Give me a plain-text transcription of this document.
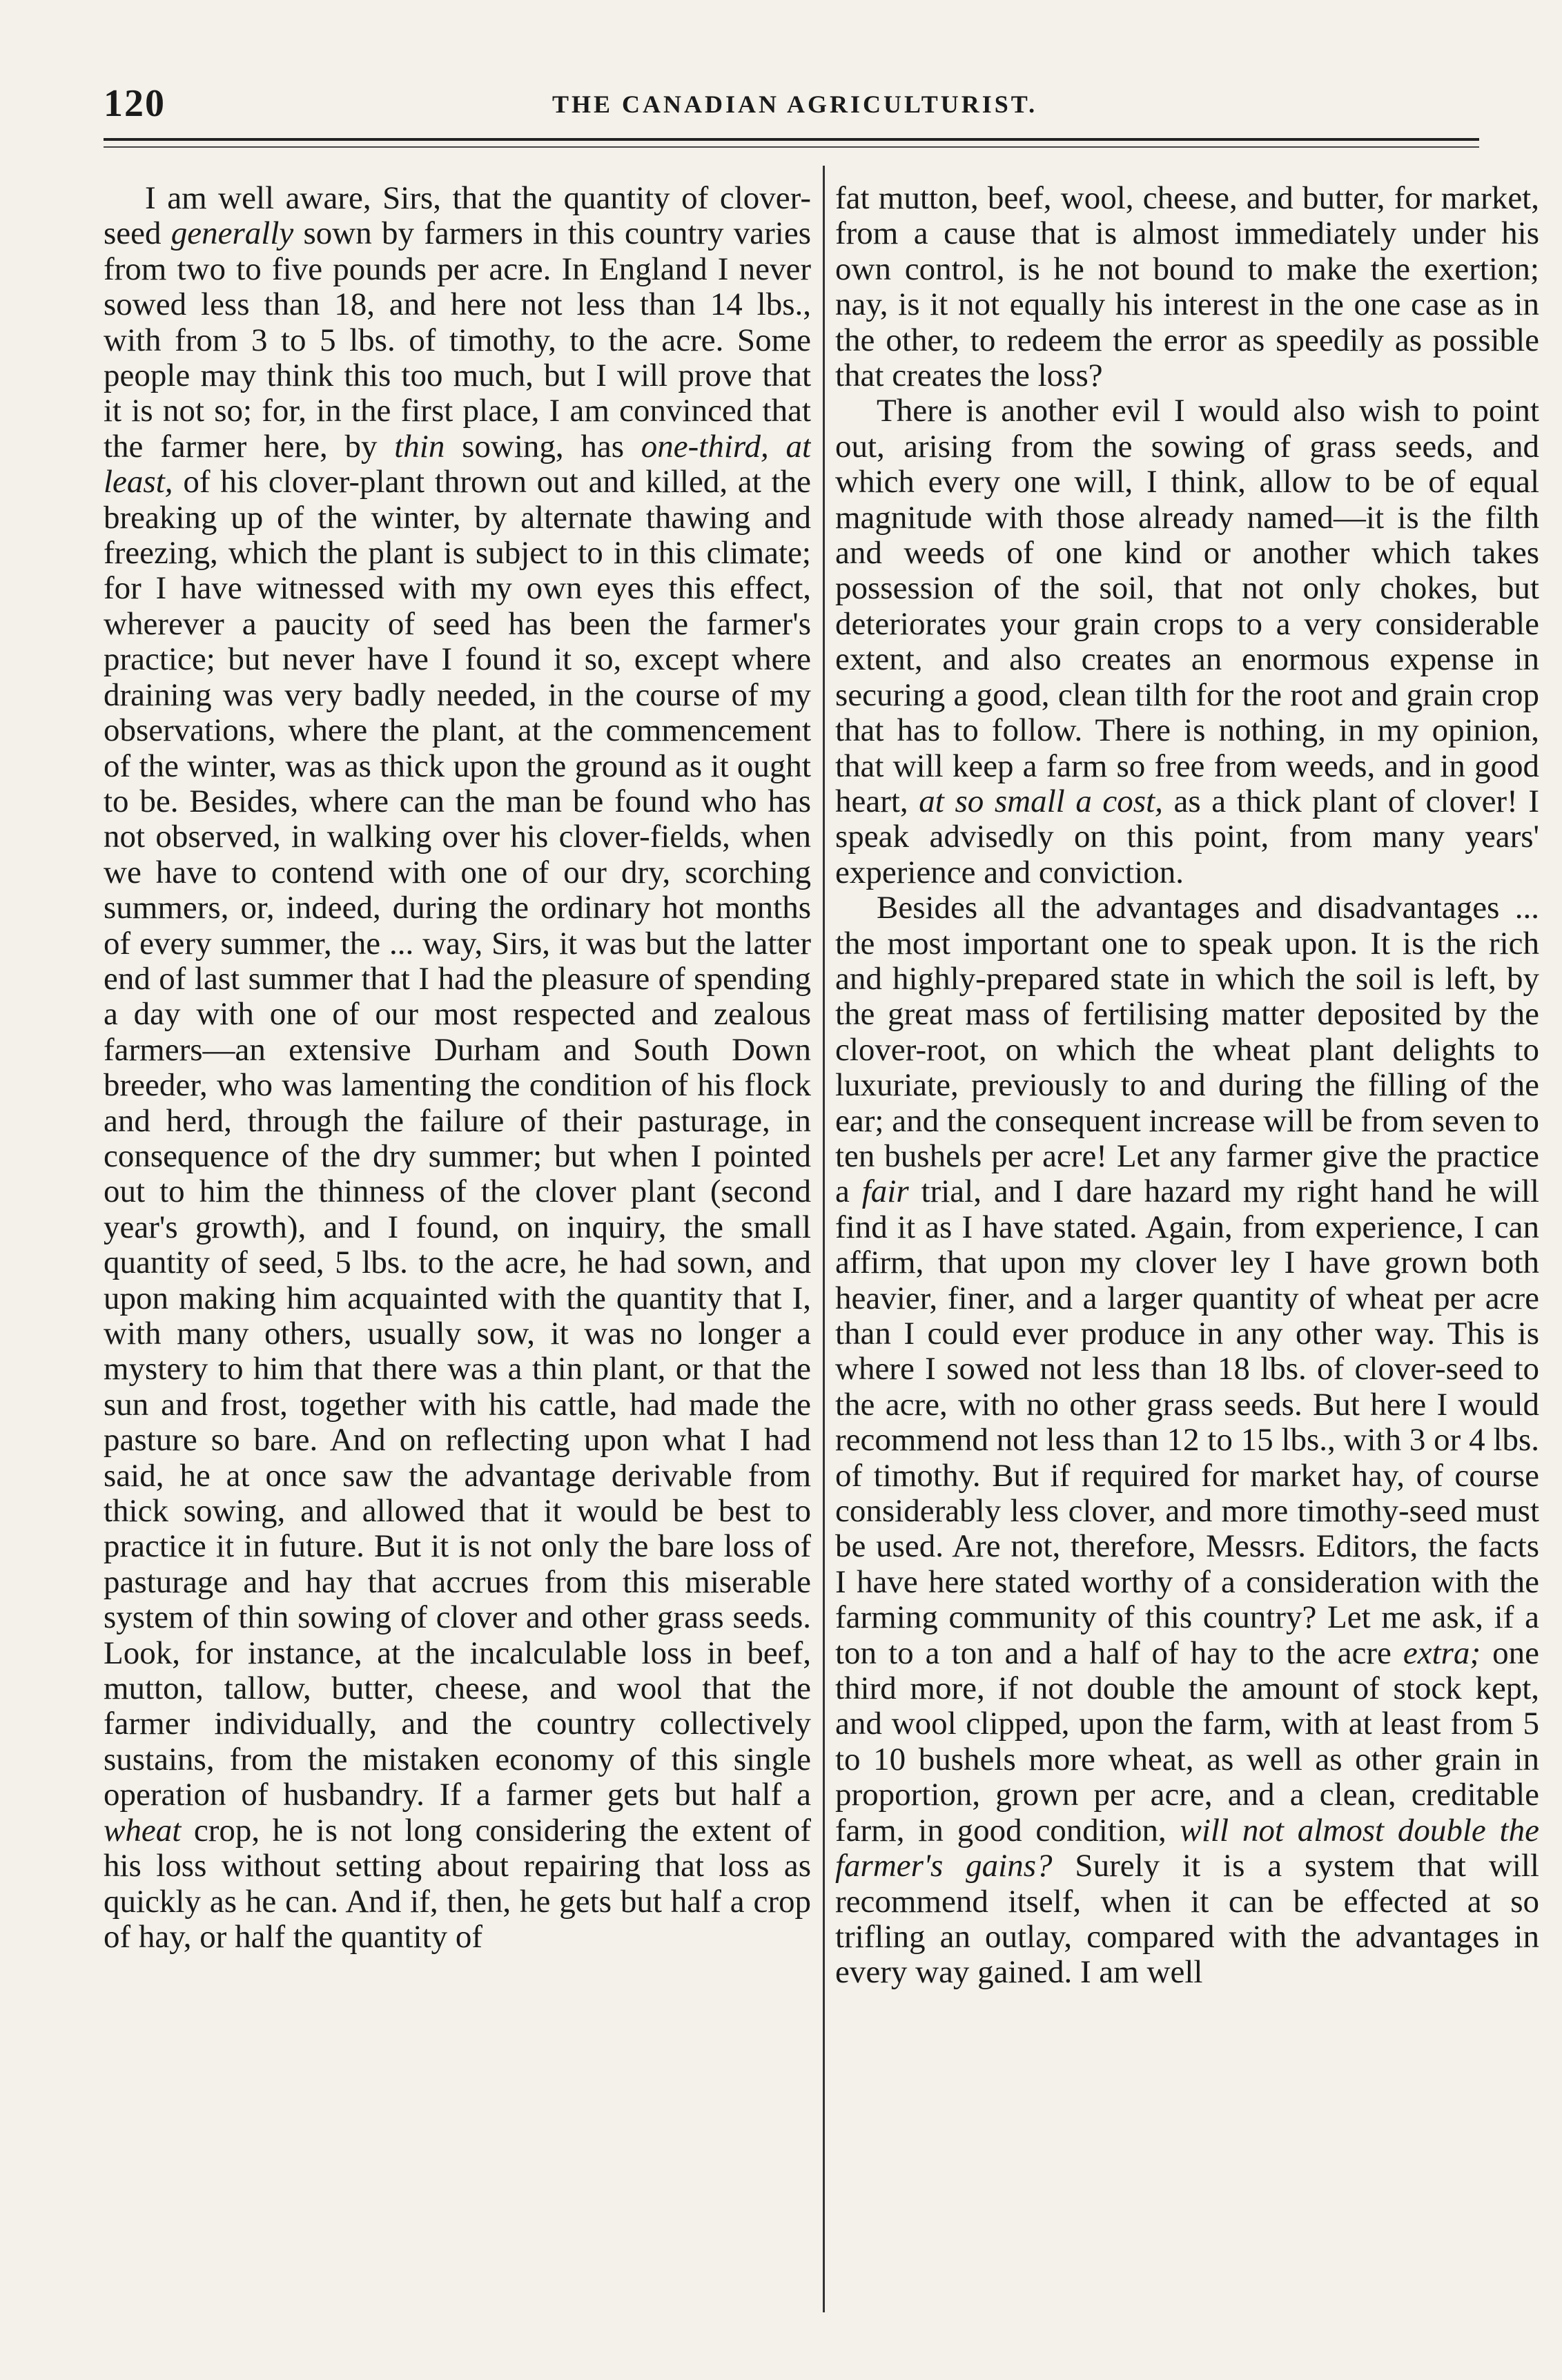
120	THE CANADIAN AGRICULTURIST.

I am well aware, Sirs, that the quantity of clover-seed generally sown by farmers in this country varies from two to five pounds per acre. In England I never sowed less than 18, and here not less than 14 lbs., with from 3 to 5 lbs. of timothy, to the acre. Some people may think this too much, but I will prove that it is not so; for, in the first place, I am convinced that the farmer here, by thin sowing, has one-third, at least, of his clover-plant thrown out and killed, at the breaking up of the winter, by alternate thawing and freezing, which the plant is subject to in this climate; for I have witnessed with my own eyes this effect, wherever a paucity of seed has been the farmer's practice; but never have I found it so, except where draining was very badly needed, in the course of my observations, where the plant, at the commencement of the winter, was as thick upon the ground as it ought to be. Besides, where can the man be found who has not observed, in walking over his clover-fields, when we have to contend with one of our dry, scorching summers, or, indeed, during the ordinary hot months of every summer, the ... way, Sirs, it was but the latter end of last summer that I had the pleasure of spending a day with one of our most respected and zealous farmers—an extensive Durham and South Down breeder, who was lamenting the condition of his flock and herd, through the failure of their pasturage, in consequence of the dry summer; but when I pointed out to him the thinness of the clover plant (second year's growth), and I found, on inquiry, the small quantity of seed, 5 lbs. to the acre, he had sown, and upon making him acquainted with the quantity that I, with many others, usually sow, it was no longer a mystery to him that there was a thin plant, or that the sun and frost, together with his cattle, had made the pasture so bare. And on reflecting upon what I had said, he at once saw the advantage derivable from thick sowing, and allowed that it would be best to practice it in future. But it is not only the bare loss of pasturage and hay that accrues from this miserable system of thin sowing of clover and other grass seeds. Look, for instance, at the incalculable loss in beef, mutton, tallow, butter, cheese, and wool that the farmer individually, and the country collectively sustains, from the mistaken economy of this single operation of husbandry. If a farmer gets but half a wheat crop, he is not long considering the extent of his loss without setting about repairing that loss as quickly as he can. And if, then, he gets but half a crop of hay, or half the quantity of

fat mutton, beef, wool, cheese, and butter, for market, from a cause that is almost immediately under his own control, is he not bound to make the exertion; nay, is it not equally his interest in the one case as in the other, to redeem the error as speedily as possible that creates the loss?

There is another evil I would also wish to point out, arising from the sowing of grass seeds, and which every one will, I think, allow to be of equal magnitude with those already named—it is the filth and weeds of one kind or another which takes possession of the soil, that not only chokes, but deteriorates your grain crops to a very considerable extent, and also creates an enormous expense in securing a good, clean tilth for the root and grain crop that has to follow. There is nothing, in my opinion, that will keep a farm so free from weeds, and in good heart, at so small a cost, as a thick plant of clover! I speak advisedly on this point, from many years' experience and conviction.

Besides all the advantages and disadvantages ... the most important one to speak upon. It is the rich and highly-prepared state in which the soil is left, by the great mass of fertilising matter deposited by the clover-root, on which the wheat plant delights to luxuriate, previously to and during the filling of the ear; and the consequent increase will be from seven to ten bushels per acre! Let any farmer give the practice a fair trial, and I dare hazard my right hand he will find it as I have stated. Again, from experience, I can affirm, that upon my clover ley I have grown both heavier, finer, and a larger quantity of wheat per acre than I could ever produce in any other way. This is where I sowed not less than 18 lbs. of clover-seed to the acre, with no other grass seeds. But here I would recommend not less than 12 to 15 lbs., with 3 or 4 lbs. of timothy. But if required for market hay, of course considerably less clover, and more timothy-seed must be used. Are not, therefore, Messrs. Editors, the facts I have here stated worthy of a consideration with the farming community of this country? Let me ask, if a ton to a ton and a half of hay to the acre extra; one third more, if not double the amount of stock kept, and wool clipped, upon the farm, with at least from 5 to 10 bushels more wheat, as well as other grain in proportion, grown per acre, and a clean, creditable farm, in good condition, will not almost double the farmer's gains? Surely it is a system that will recommend itself, when it can be effected at so trifling an outlay, compared with the advantages in every way gained. I am well
